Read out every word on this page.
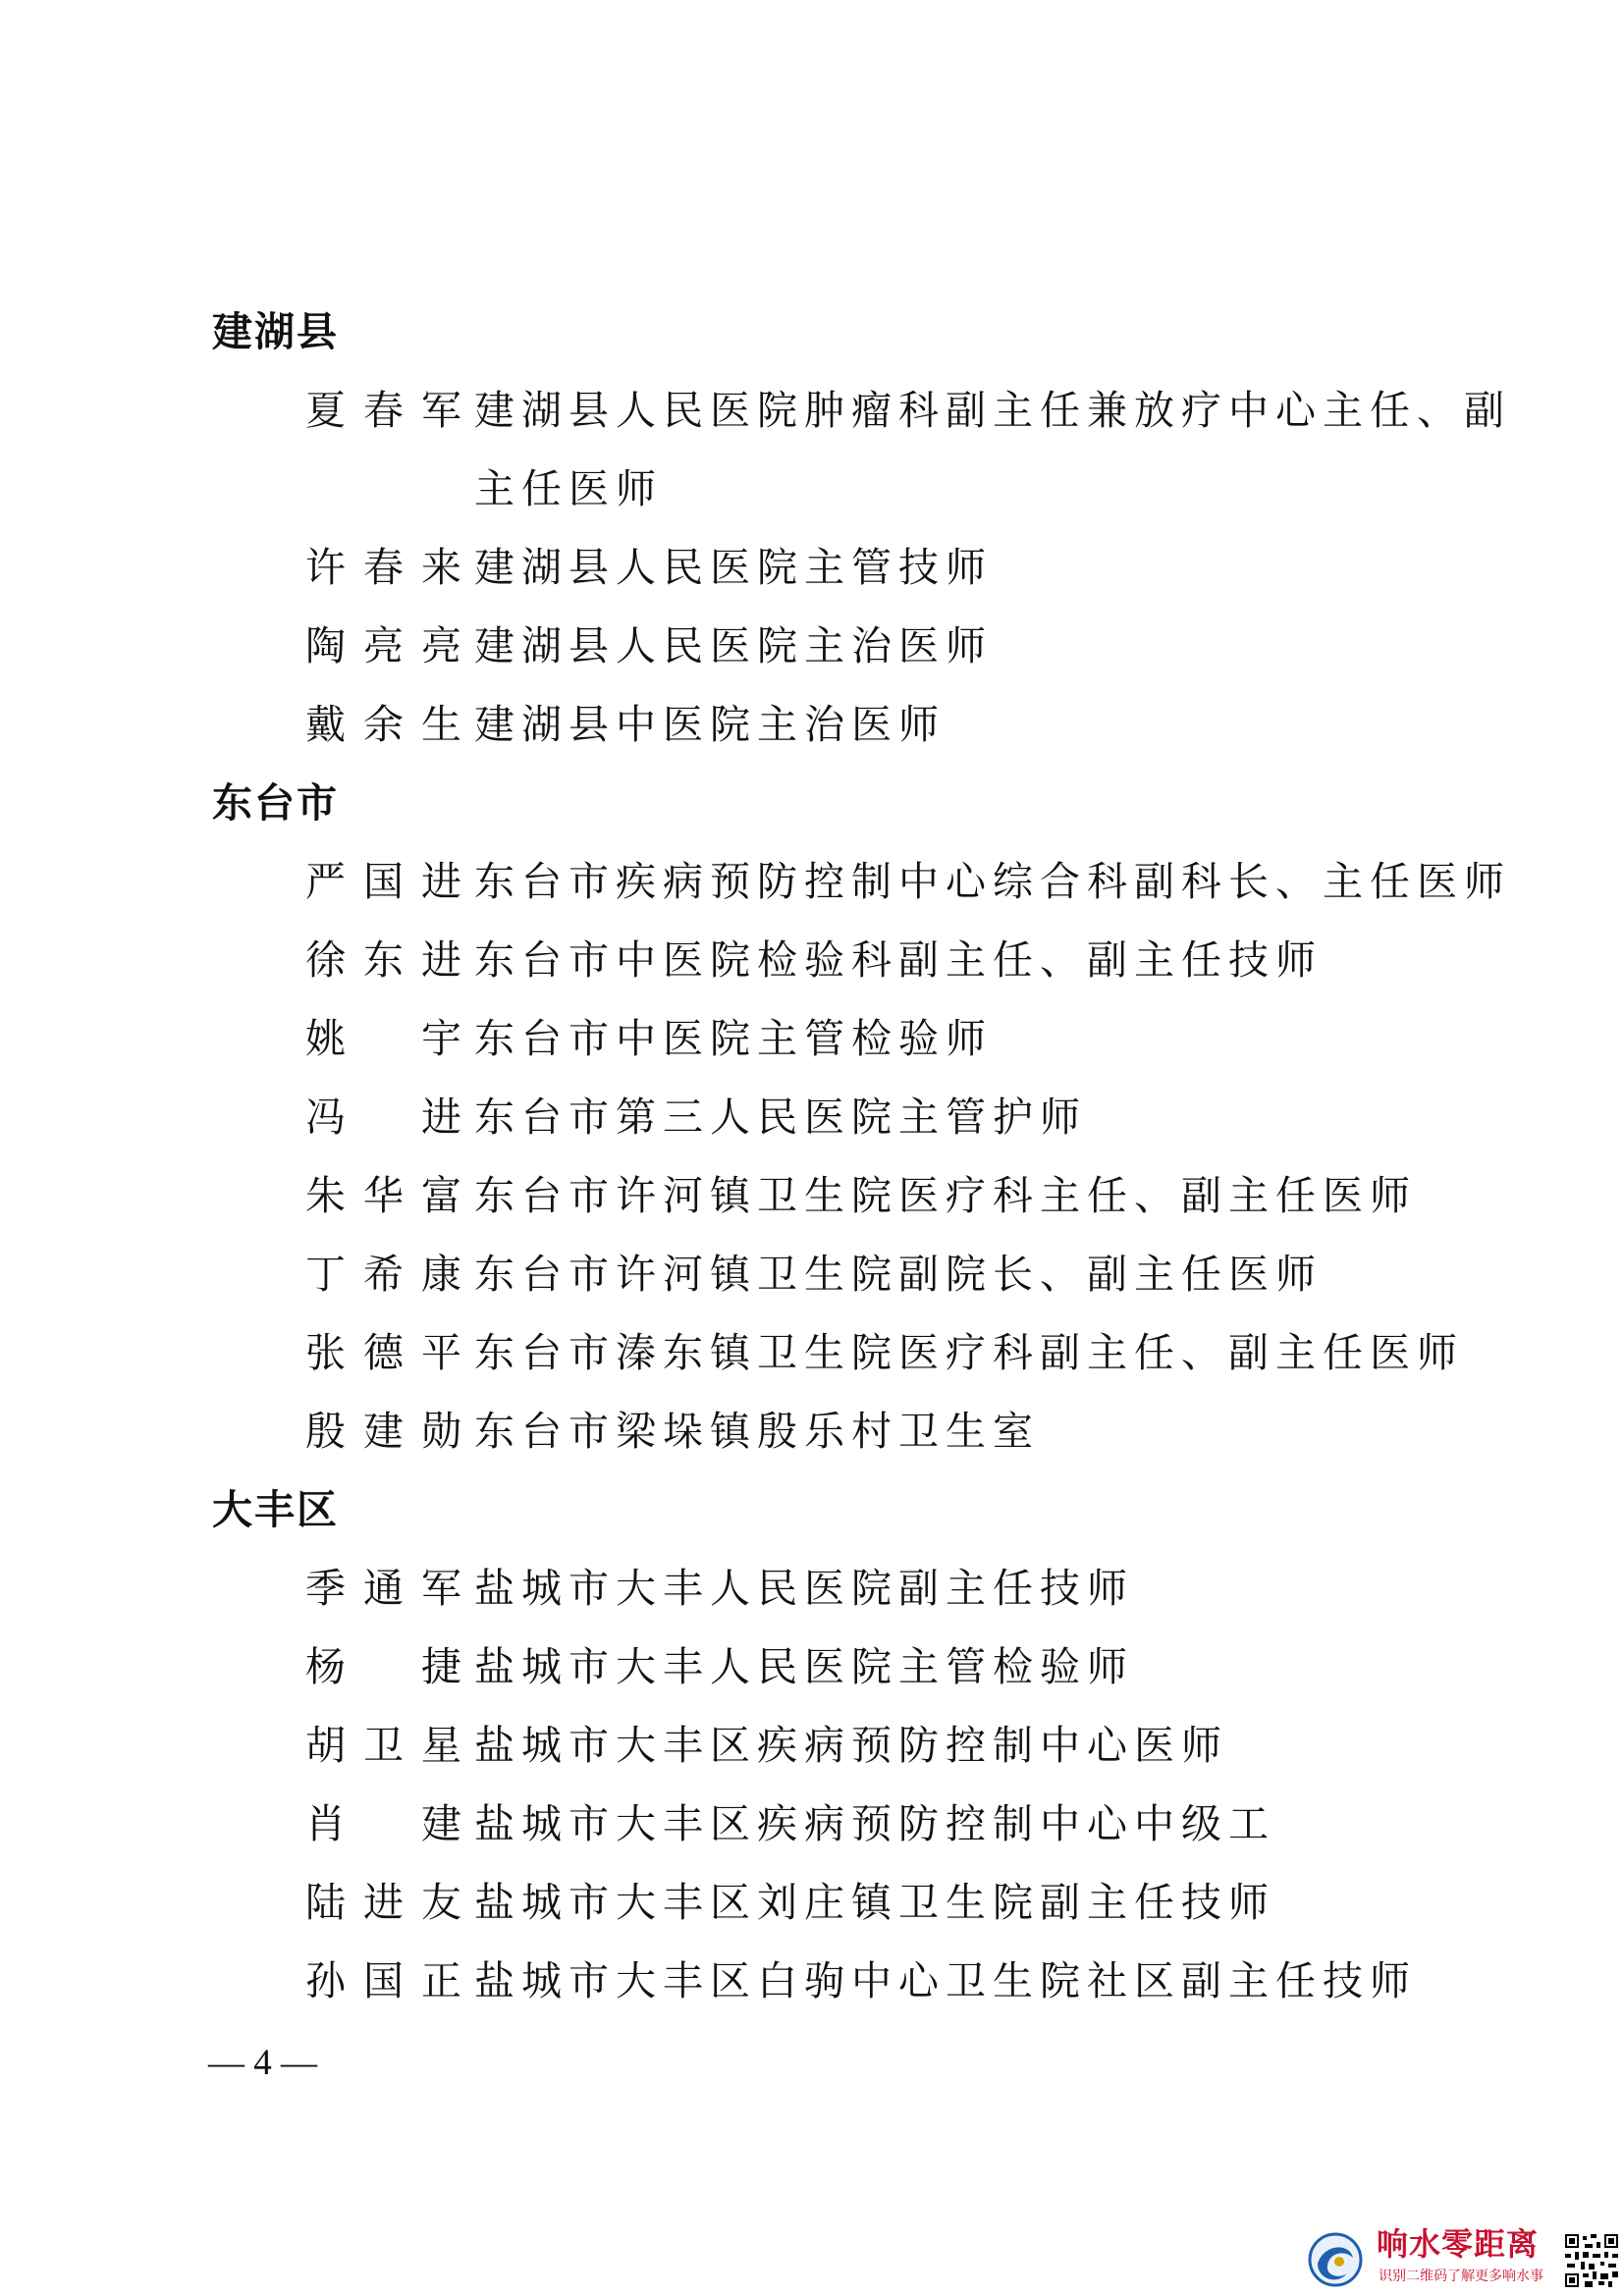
建湖县
夏 春 军 建湖县人民医院肿瘤科副主任兼放疗中心主任、副
主任医师
许 春 来 建湖县人民医院主管技师
陶 亮 亮 建湖县人民医院主治医师
戴 余 生 建湖县中医院主治医师
东台市
严 国 进 东台市疾病预防控制中心综合科副科长、主任医师
徐 东 进 东台市中医院检验科副主任、副主任技师
姚 宇 东台市中医院主管检验师
冯 进 东台市第三人民医院主管护师
朱 华 富 东台市许河镇卫生院医疗科主任、副主任医师
丁 希 康 东台市许河镇卫生院副院长、副主任医师
张 德 平 东台市溱东镇卫生院医疗科副主任、副主任医师
殷 建 勋 东台市梁垛镇殷乐村卫生室
大丰区
季 通 军 盐城市大丰人民医院副主任技师
杨 捷 盐城市大丰人民医院主管检验师
胡 卫 星 盐城市大丰区疾病预防控制中心医师
肖 建 盐城市大丰区疾病预防控制中心中级工
陆 进 友 盐城市大丰区刘庄镇卫生院副主任技师
孙 国 正 盐城市大丰区白驹中心卫生院社区副主任技师
— 4 —
响水零距离
识别二维码了解更多响水事
